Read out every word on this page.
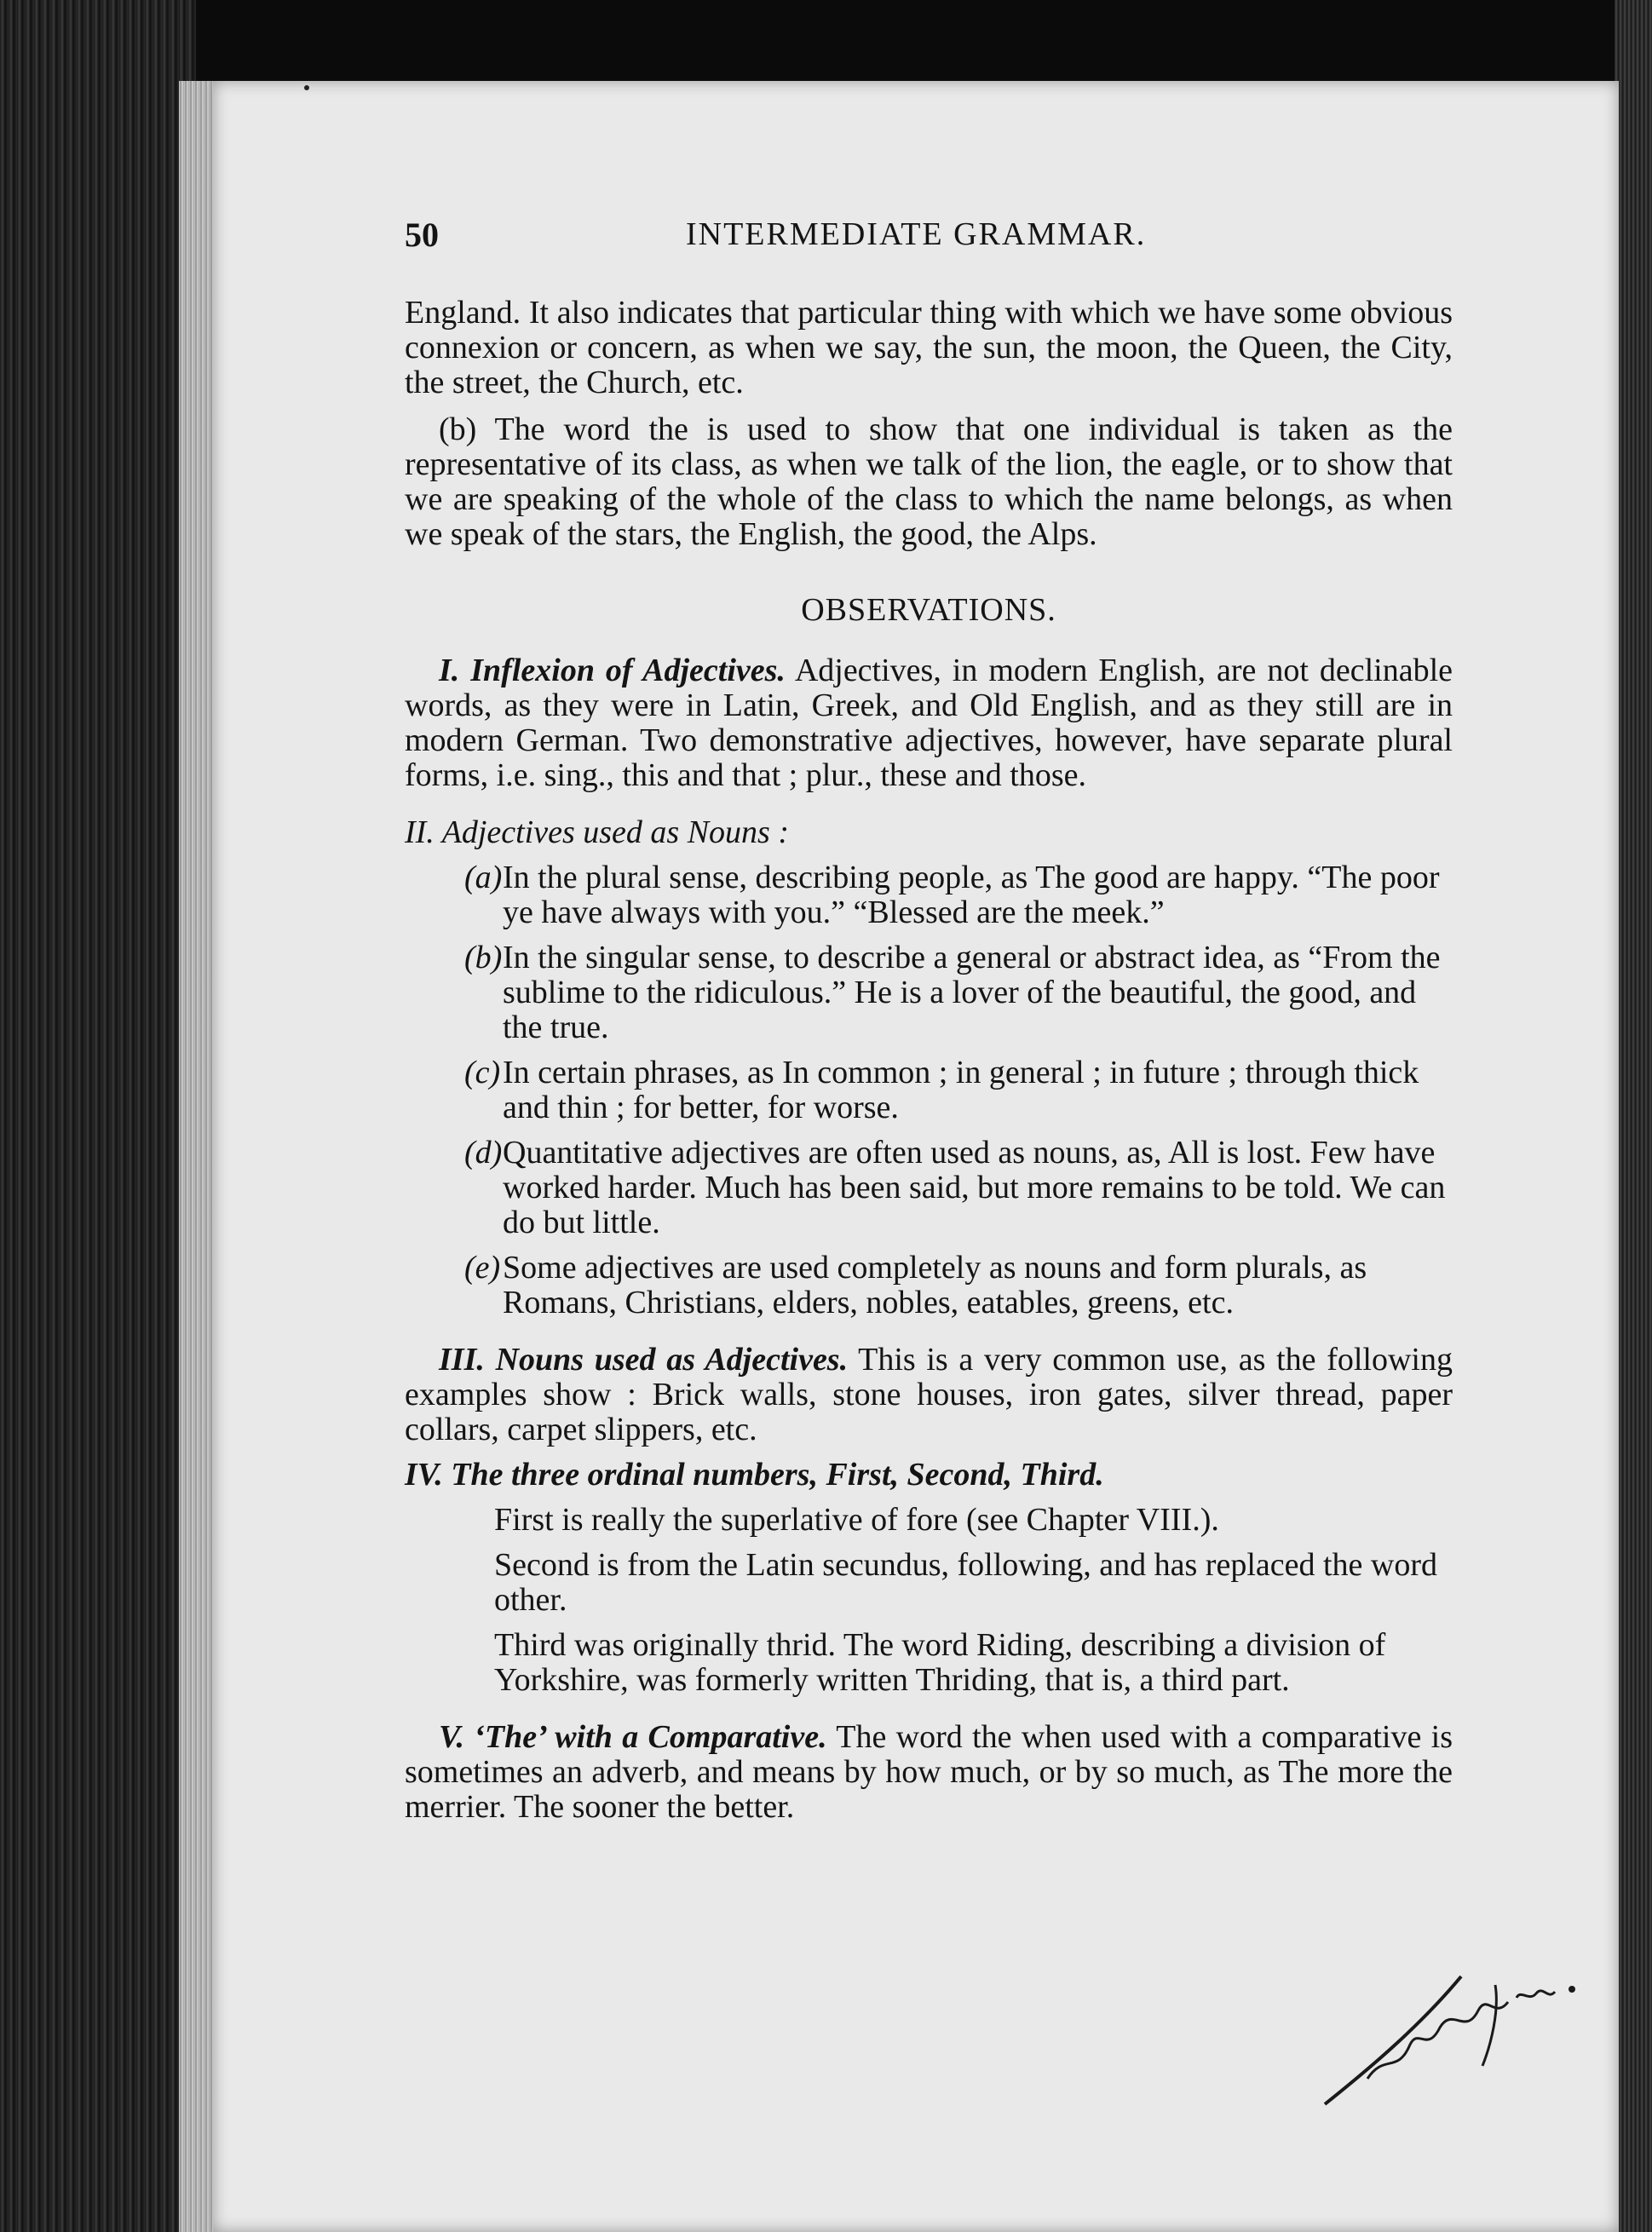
50	INTERMEDIATE GRAMMAR.

England. It also indicates that particular thing with which we have some obvious connexion or concern, as when we say, the sun, the moon, the Queen, the City, the street, the Church, etc.

(b) The word the is used to show that one individual is taken as the representative of its class, as when we talk of the lion, the eagle, or to show that we are speaking of the whole of the class to which the name belongs, as when we speak of the stars, the English, the good, the Alps.

OBSERVATIONS.

I. Inflexion of Adjectives. Adjectives, in modern English, are not declinable words, as they were in Latin, Greek, and Old English, and as they still are in modern German. Two demonstrative adjectives, however, have separate plural forms, i.e. sing., this and that ; plur., these and those.

II. Adjectives used as Nouns :
(a) In the plural sense, describing people, as The good are happy. “The poor ye have always with you.” “Blessed are the meek.”
(b) In the singular sense, to describe a general or abstract idea, as “From the sublime to the ridiculous.” He is a lover of the beautiful, the good, and the true.
(c) In certain phrases, as In common ; in general ; in future ; through thick and thin ; for better, for worse.
(d) Quantitative adjectives are often used as nouns, as, All is lost. Few have worked harder. Much has been said, but more remains to be told. We can do but little.
(e) Some adjectives are used completely as nouns and form plurals, as Romans, Christians, elders, nobles, eatables, greens, etc.

III. Nouns used as Adjectives. This is a very common use, as the following examples show : Brick walls, stone houses, iron gates, silver thread, paper collars, carpet slippers, etc.

IV. The three ordinal numbers, First, Second, Third.
First is really the superlative of fore (see Chapter VIII.).
Second is from the Latin secundus, following, and has replaced the word other.
Third was originally thrid. The word Riding, describing a division of Yorkshire, was formerly written Thriding, that is, a third part.

V. ‘The’ with a Comparative. The word the when used with a comparative is sometimes an adverb, and means by how much, or by so much, as The more the merrier. The sooner the better.
